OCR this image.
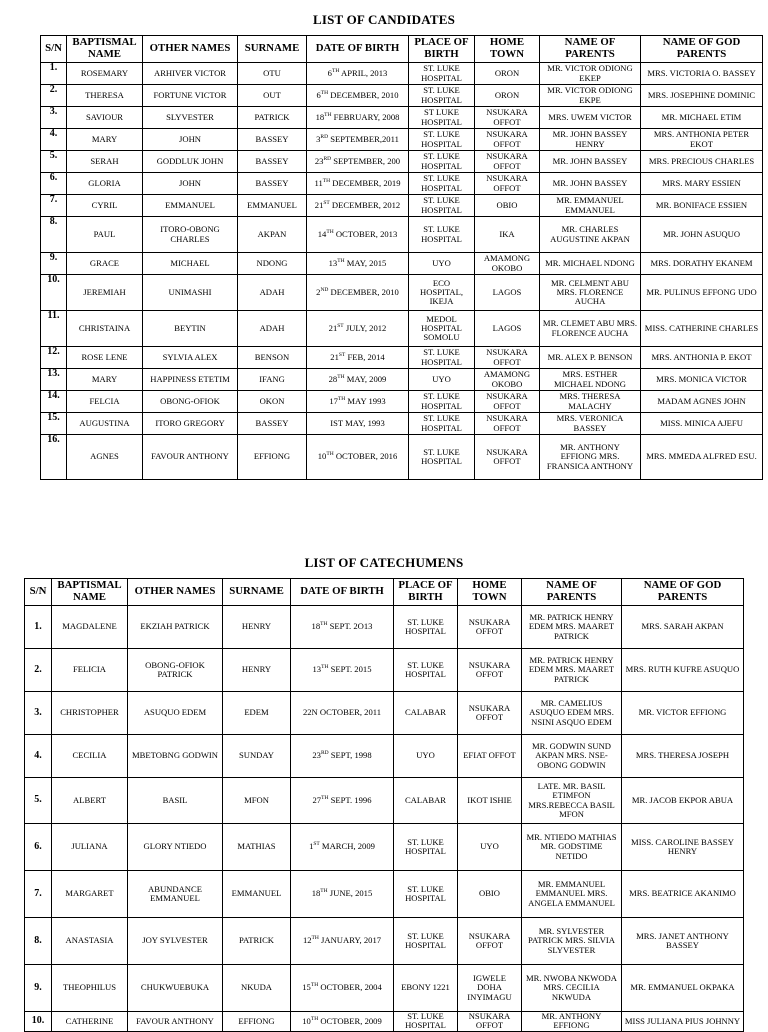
LIST OF CANDIDATES
S/N	BAPTISMAL NAME	OTHER NAMES	SURNAME	DATE OF BIRTH	PLACE OF BIRTH	HOME TOWN	NAME OF PARENTS	NAME OF GOD PARENTS
1.	ROSEMARY	ARHIVER VICTOR	OTU	6TH APRIL, 2013	ST. LUKE HOSPITAL	ORON	MR. VICTOR ODIONG EKEP	MRS. VICTORIA O. BASSEY
2.	THERESA	FORTUNE VICTOR	OUT	6TH DECEMBER, 2010	ST. LUKE HOSPITAL	ORON	MR. VICTOR ODIONG EKPE	MRS. JOSEPHINE DOMINIC
3.	SAVIOUR	SLYVESTER	PATRICK	18TH FEBRUARY, 2008	ST LUKE HOSPITAL	NSUKARA OFFOT	MRS. UWEM VICTOR	MR. MICHAEL ETIM
4.	MARY	JOHN	BASSEY	3RD SEPTEMBER,2011	ST. LUKE HOSPITAL	NSUKARA OFFOT	MR. JOHN BASSEY HENRY	MRS. ANTHONIA PETER EKOT
5.	SERAH	GODDLUK JOHN	BASSEY	23RD SEPTEMBER, 200	ST. LUKE HOSPITAL	NSUKARA OFFOT	MR. JOHN BASSEY	MRS. PRECIOUS CHARLES
6.	GLORIA	JOHN	BASSEY	11TH DECEMBER, 2019	ST. LUKE HOSPITAL	NSUKARA OFFOT	MR. JOHN BASSEY	MRS. MARY ESSIEN
7.	CYRIL	EMMANUEL	EMMANUEL	21ST DECEMBER, 2012	ST. LUKE HOSPITAL	OBIO	MR. EMMANUEL EMMANUEL	MR. BONIFACE ESSIEN
8.	PAUL	ITORO-OBONG CHARLES	AKPAN	14TH OCTOBER, 2013	ST. LUKE HOSPITAL	IKA	MR. CHARLES AUGUSTINE AKPAN	MR. JOHN ASUQUO
9.	GRACE	MICHAEL	NDONG	13TH MAY, 2015	UYO	AMAMONG OKOBO	MR. MICHAEL NDONG	MRS. DORATHY EKANEM
10.	JEREMIAH	UNIMASHI	ADAH	2ND DECEMBER, 2010	ECO HOSPITAL, IKEJA	LAGOS	MR. CELMENT ABU MRS. FLORENCE AUCHA	MR. PULINUS EFFONG UDO
11.	CHRISTAINA	BEYTIN	ADAH	21ST JULY, 2012	MEDOL HOSPITAL SOMOLU	LAGOS	MR. CLEMET ABU MRS. FLORENCE AUCHA	MISS. CATHERINE CHARLES
12.	ROSE LENE	SYLVIA ALEX	BENSON	21ST FEB, 2014	ST. LUKE HOSPITAL	NSUKARA OFFOT	MR. ALEX P. BENSON	MRS. ANTHONIA P. EKOT
13.	MARY	HAPPINESS ETETIM	IFANG	28TH MAY, 2009	UYO	AMAMONG OKOBO	MRS. ESTHER MICHAEL NDONG	MRS. MONICA VICTOR
14.	FELCIA	OBONG-OFIOK	OKON	17TH MAY 1993	ST. LUKE HOSPITAL	NSUKARA OFFOT	MRS. THERESA MALACHY	MADAM AGNES JOHN
15.	AUGUSTINA	ITORO GREGORY	BASSEY	IST MAY, 1993	ST. LUKE HOSPITAL	NSUKARA OFFOT	MRS. VERONICA BASSEY	MISS. MINICA AJEFU
16.	AGNES	FAVOUR ANTHONY	EFFIONG	10TH OCTOBER, 2016	ST. LUKE HOSPITAL	NSUKARA OFFOT	MR. ANTHONY EFFIONG MRS. FRANSICA ANTHONY	MRS. MMEDA ALFRED ESU.
LIST OF CATECHUMENS
S/N	BAPTISMAL NAME	OTHER NAMES	SURNAME	DATE OF BIRTH	PLACE OF BIRTH	HOME TOWN	NAME OF PARENTS	NAME OF GOD PARENTS
1.	MAGDALENE	EKZIAH PATRICK	HENRY	18TH SEPT. 2O13	ST. LUKE HOSPITAL	NSUKARA OFFOT	MR. PATRICK HENRY EDEM MRS. MAARET PATRICK	MRS. SARAH AKPAN
2.	FELICIA	OBONG-OFIOK PATRICK	HENRY	13TH SEPT. 2015	ST. LUKE HOSPITAL	NSUKARA OFFOT	MR. PATRICK HENRY EDEM MRS. MAARET PATRICK	MRS. RUTH KUFRE ASUQUO
3.	CHRISTOPHER	ASUQUO EDEM	EDEM	22N OCTOBER, 2011	CALABAR	NSUKARA OFFOT	MR. CAMELIUS ASUQUO EDEM MRS. NSINI ASQUO EDEM	MR. VICTOR EFFIONG
4.	CECILIA	MBETOBNG GODWIN	SUNDAY	23RD SEPT, 1998	UYO	EFIAT OFFOT	MR. GODWIN SUND AKPAN MRS. NSE-OBONG GODWIN	MRS. THERESA JOSEPH
5.	ALBERT	BASIL	MFON	27TH SEPT. 1996	CALABAR	IKOT ISHIE	LATE. MR. BASIL ETIMFON MRS.REBECCA BASIL MFON	MR. JACOB EKPOR ABUA
6.	JULIANA	GLORY NTIEDO	MATHIAS	1ST MARCH, 2009	ST. LUKE HOSPITAL	UYO	MR. NTIEDO MATHIAS MR. GODSTIME NETIDO	MISS. CAROLINE BASSEY HENRY
7.	MARGARET	ABUNDANCE EMMANUEL	EMMANUEL	18TH JUNE, 2015	ST. LUKE HOSPITAL	OBIO	MR. EMMANUEL EMMANUEL MRS. ANGELA EMMANUEL	MRS. BEATRICE AKANIMO
8.	ANASTASIA	JOY SYLVESTER	PATRICK	12TH JANUARY, 2017	ST. LUKE HOSPITAL	NSUKARA OFFOT	MR. SYLVESTER PATRICK MRS. SILVIA SLYVESTER	MRS. JANET ANTHONY BASSEY
9.	THEOPHILUS	CHUKWUEBUKA	NKUDA	15TH OCTOBER, 2004	EBONY 1221	IGWELE DOHA INYIMAGU	MR. NWOBA NKWODA MRS. CECILIA NKWUDA	MR. EMMANUEL OKPAKA
10.	CATHERINE	FAVOUR ANTHONY	EFFIONG	10TH OCTOBER, 2009	ST. LUKE HOSPITAL	NSUKARA OFFOT	MR. ANTHONY EFFIONG	MISS JULIANA PIUS JOHNNY
